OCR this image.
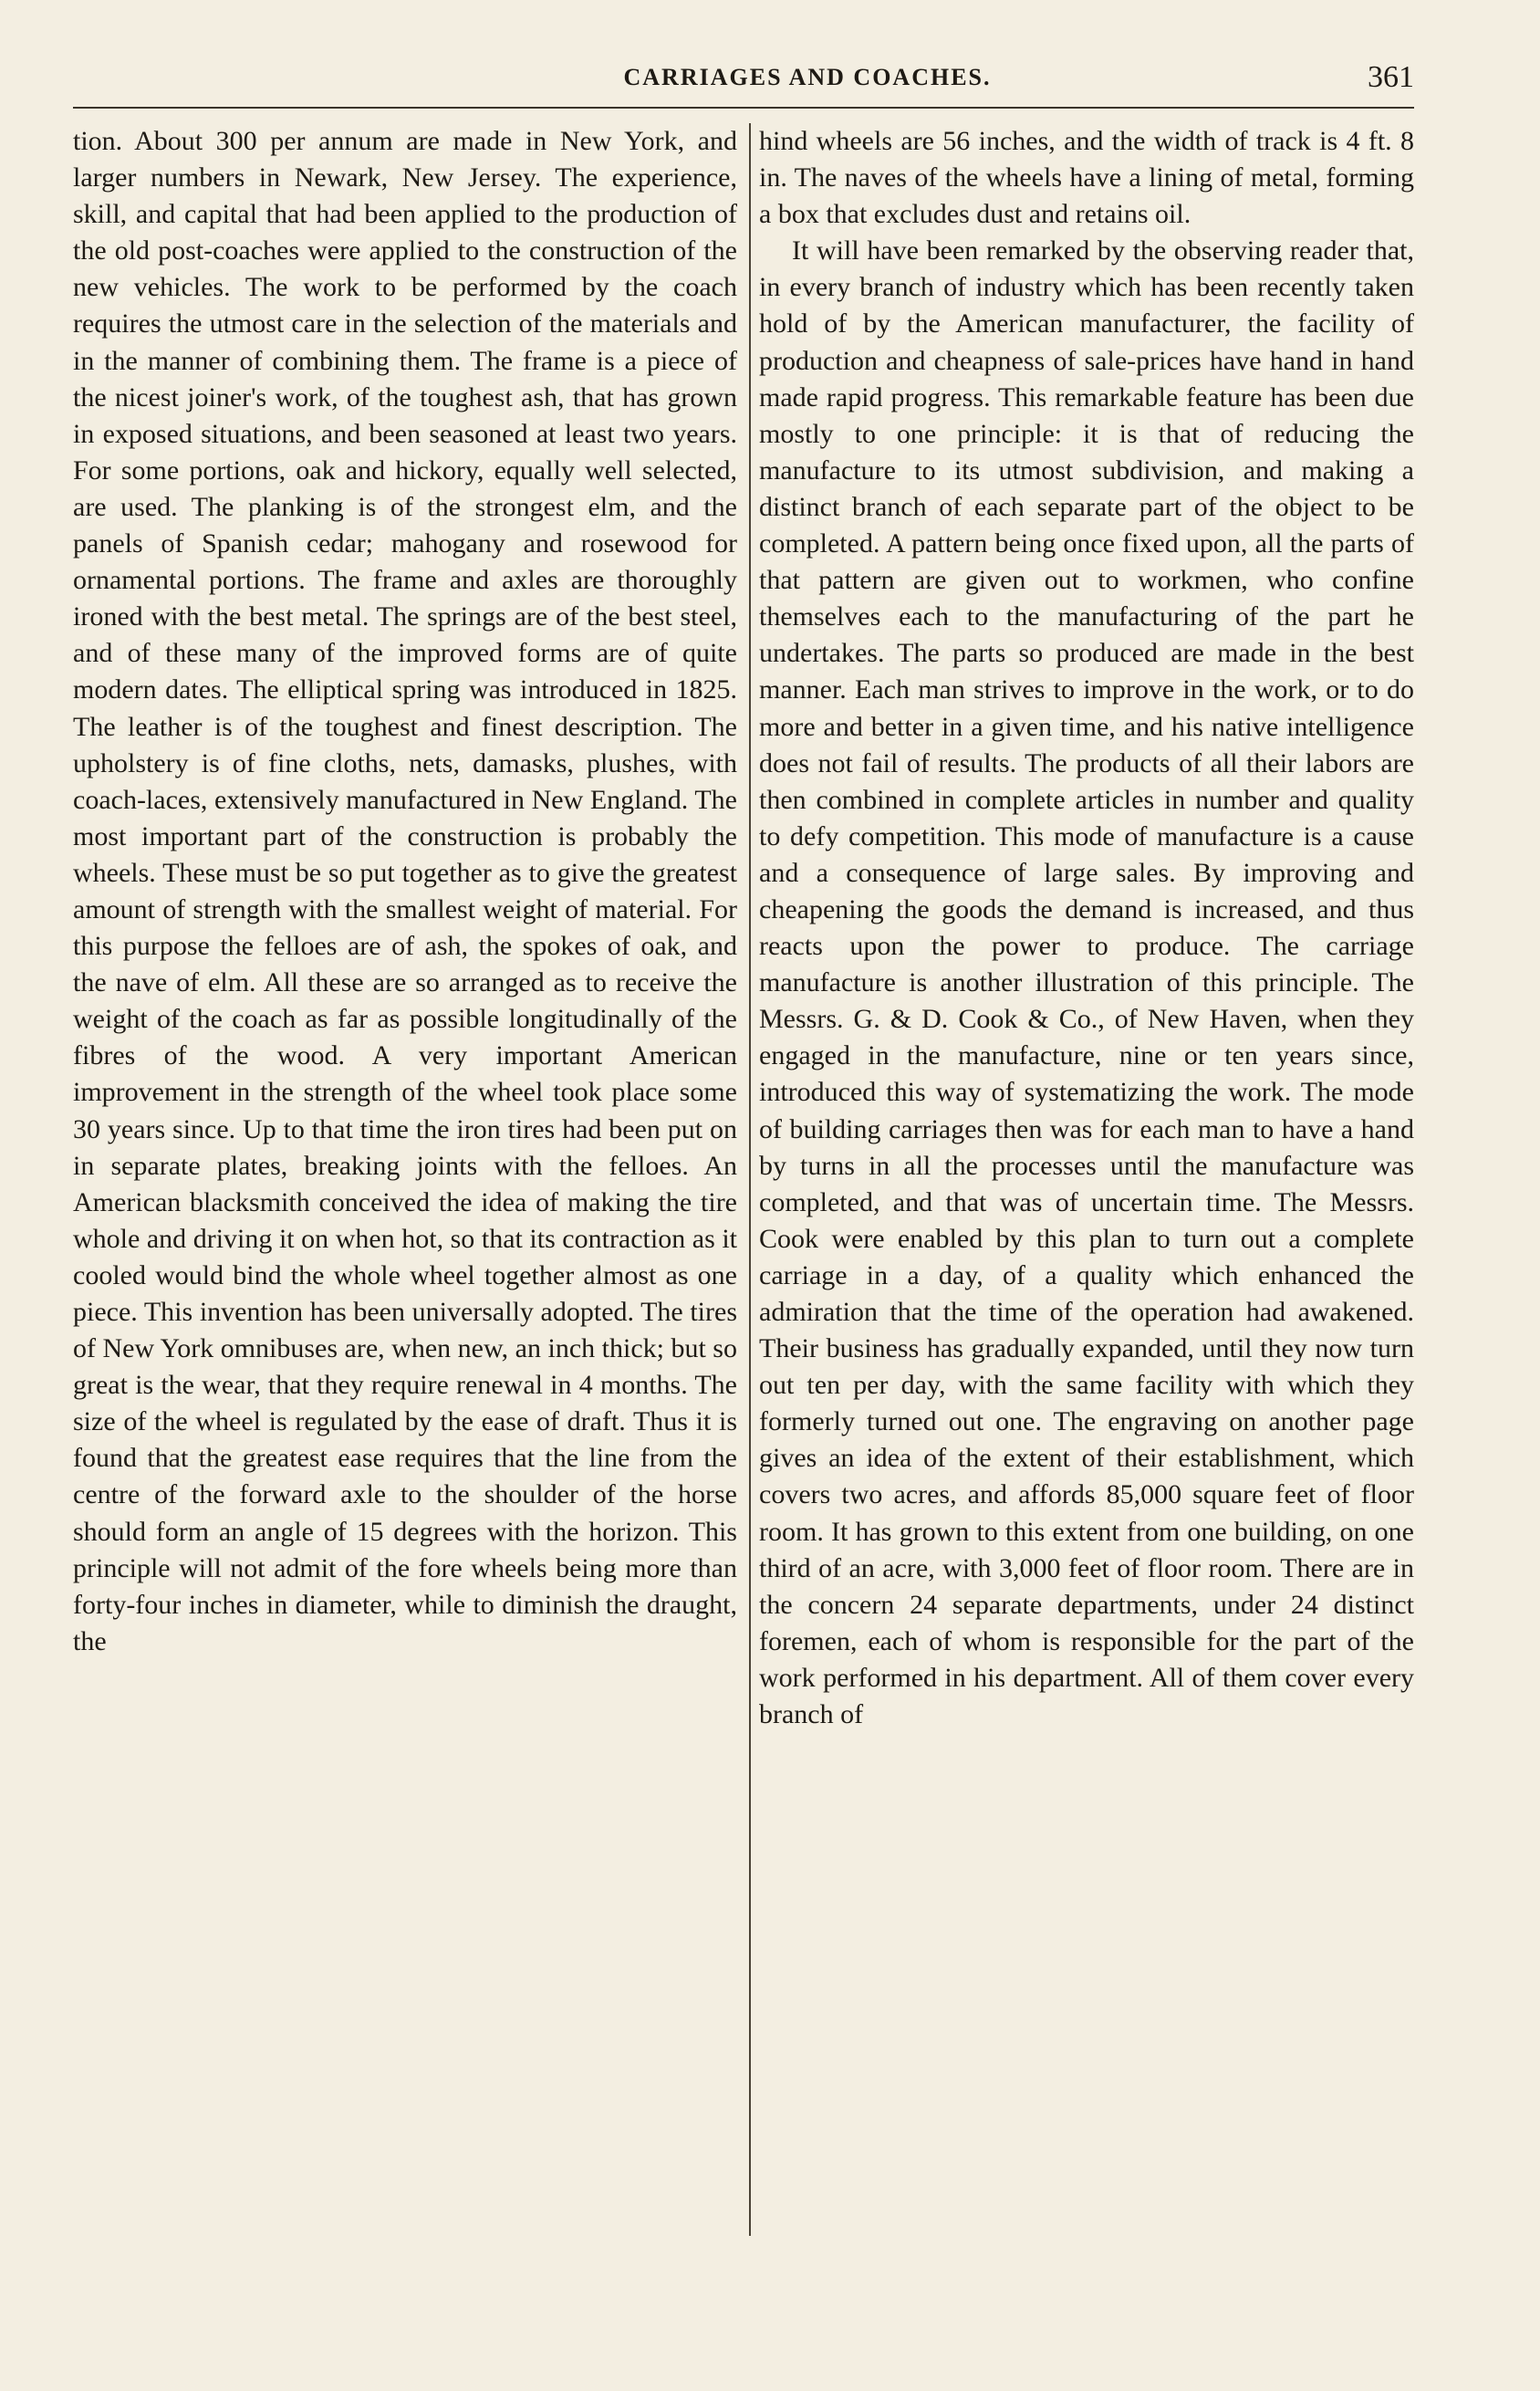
CARRIAGES AND COACHES.	361

tion. About 300 per annum are made in New York, and larger numbers in Newark, New Jersey. The experience, skill, and capital that had been applied to the production of the old post-coaches were applied to the construction of the new vehicles. The work to be performed by the coach requires the utmost care in the selection of the materials and in the manner of combining them. The frame is a piece of the nicest joiner's work, of the toughest ash, that has grown in exposed situations, and been seasoned at least two years. For some portions, oak and hickory, equally well selected, are used. The planking is of the strongest elm, and the panels of Spanish cedar; mahogany and rosewood for ornamental portions. The frame and axles are thoroughly ironed with the best metal. The springs are of the best steel, and of these many of the improved forms are of quite modern dates. The elliptical spring was introduced in 1825. The leather is of the toughest and finest description. The upholstery is of fine cloths, nets, damasks, plushes, with coach-laces, extensively manufactured in New England. The most important part of the construction is probably the wheels. These must be so put together as to give the greatest amount of strength with the smallest weight of material. For this purpose the felloes are of ash, the spokes of oak, and the nave of elm. All these are so arranged as to receive the weight of the coach as far as possible longitudinally of the fibres of the wood. A very important American improvement in the strength of the wheel took place some 30 years since. Up to that time the iron tires had been put on in separate plates, breaking joints with the felloes. An American blacksmith conceived the idea of making the tire whole and driving it on when hot, so that its contraction as it cooled would bind the whole wheel together almost as one piece. This invention has been universally adopted. The tires of New York omnibuses are, when new, an inch thick; but so great is the wear, that they require renewal in 4 months. The size of the wheel is regulated by the ease of draft. Thus it is found that the greatest ease requires that the line from the centre of the forward axle to the shoulder of the horse should form an angle of 15 degrees with the horizon. This principle will not admit of the fore wheels being more than forty-four inches in diameter, while to diminish the draught, the

hind wheels are 56 inches, and the width of track is 4 ft. 8 in. The naves of the wheels have a lining of metal, forming a box that excludes dust and retains oil.

It will have been remarked by the observing reader that, in every branch of industry which has been recently taken hold of by the American manufacturer, the facility of production and cheapness of sale-prices have hand in hand made rapid progress. This remarkable feature has been due mostly to one principle: it is that of reducing the manufacture to its utmost subdivision, and making a distinct branch of each separate part of the object to be completed. A pattern being once fixed upon, all the parts of that pattern are given out to workmen, who confine themselves each to the manufacturing of the part he undertakes. The parts so produced are made in the best manner. Each man strives to improve in the work, or to do more and better in a given time, and his native intelligence does not fail of results. The products of all their labors are then combined in complete articles in number and quality to defy competition. This mode of manufacture is a cause and a consequence of large sales. By improving and cheapening the goods the demand is increased, and thus reacts upon the power to produce. The carriage manufacture is another illustration of this principle. The Messrs. G. & D. Cook & Co., of New Haven, when they engaged in the manufacture, nine or ten years since, introduced this way of systematizing the work. The mode of building carriages then was for each man to have a hand by turns in all the processes until the manufacture was completed, and that was of uncertain time. The Messrs. Cook were enabled by this plan to turn out a complete carriage in a day, of a quality which enhanced the admiration that the time of the operation had awakened. Their business has gradually expanded, until they now turn out ten per day, with the same facility with which they formerly turned out one. The engraving on another page gives an idea of the extent of their establishment, which covers two acres, and affords 85,000 square feet of floor room. It has grown to this extent from one building, on one third of an acre, with 3,000 feet of floor room. There are in the concern 24 separate departments, under 24 distinct foremen, each of whom is responsible for the part of the work performed in his department. All of them cover every branch of
